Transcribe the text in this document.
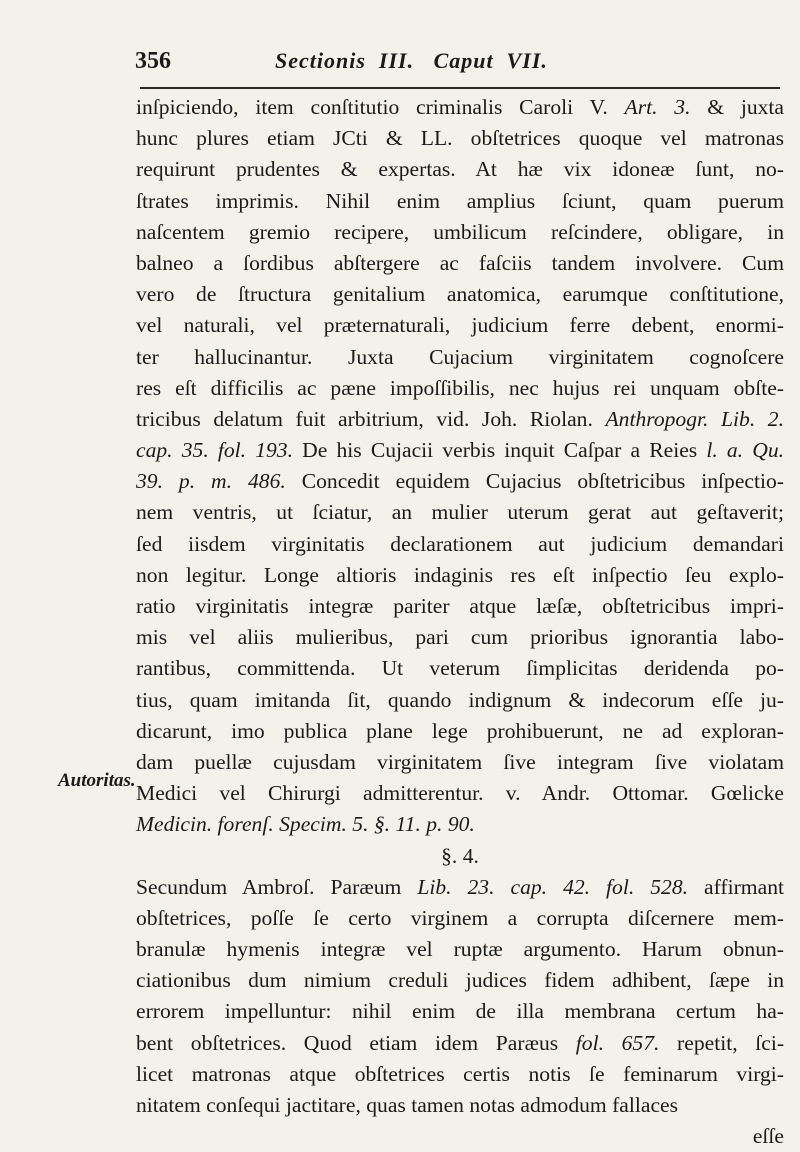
356	Sectionis  III.   Caput  VII.
Autoritas.
inſpiciendo, item conſtitutio criminalis Caroli V. Art. 3. & juxta
hunc plures etiam JCti & LL. obſtetrices quoque vel matronas
requirunt prudentes & expertas. At hæ vix idoneæ ſunt, no-
ſtrates imprimis. Nihil enim amplius ſciunt, quam puerum
naſcentem gremio recipere, umbilicum reſcindere, obligare, in
balneo a ſordibus abſtergere ac faſciis tandem involvere. Cum
vero de ſtructura genitalium anatomica, earumque conſtitutione,
vel naturali, vel præternaturali, judicium ferre debent, enormi-
ter hallucinantur. Juxta Cujacium virginitatem cognoſcere
res eſt difficilis ac pæne impoſſibilis, nec hujus rei unquam obſte-
tricibus delatum fuit arbitrium, vid. Joh. Riolan. Anthropogr. Lib. 2.
cap. 35. fol. 193. De his Cujacii verbis inquit Caſpar a Reies l. a. Qu.
39. p. m. 486. Concedit equidem Cujacius obſtetricibus inſpectio-
nem ventris, ut ſciatur, an mulier uterum gerat aut geſtaverit;
ſed iisdem virginitatis declarationem aut judicium demandari
non legitur. Longe altioris indaginis res eſt inſpectio ſeu explo-
ratio virginitatis integræ pariter atque læſæ, obſtetricibus impri-
mis vel aliis mulieribus, pari cum prioribus ignorantia labo-
rantibus, committenda. Ut veterum ſimplicitas deridenda po-
tius, quam imitanda ſit, quando indignum & indecorum eſſe ju-
dicarunt, imo publica plane lege prohibuerunt, ne ad exploran-
dam puellæ cujusdam virginitatem ſive integram ſive violatam
Medici vel Chirurgi admitterentur. v. Andr. Ottomar. Gœlicke
Medicin. forenſ. Specim. 5. §. 11. p. 90.
§. 4.
Secundum Ambroſ. Paræum Lib. 23. cap. 42. fol. 528. affirmant
obſtetrices, poſſe ſe certo virginem a corrupta diſcernere mem-
branulæ hymenis integræ vel ruptæ argumento. Harum obnun-
ciationibus dum nimium creduli judices fidem adhibent, ſæpe in
errorem impelluntur: nihil enim de illa membrana certum ha-
bent obſtetrices. Quod etiam idem Paræus fol. 657. repetit, ſci-
licet matronas atque obſtetrices certis notis ſe feminarum virgi-
nitatem conſequi jactitare, quas tamen notas admodum fallaces
eſſe
